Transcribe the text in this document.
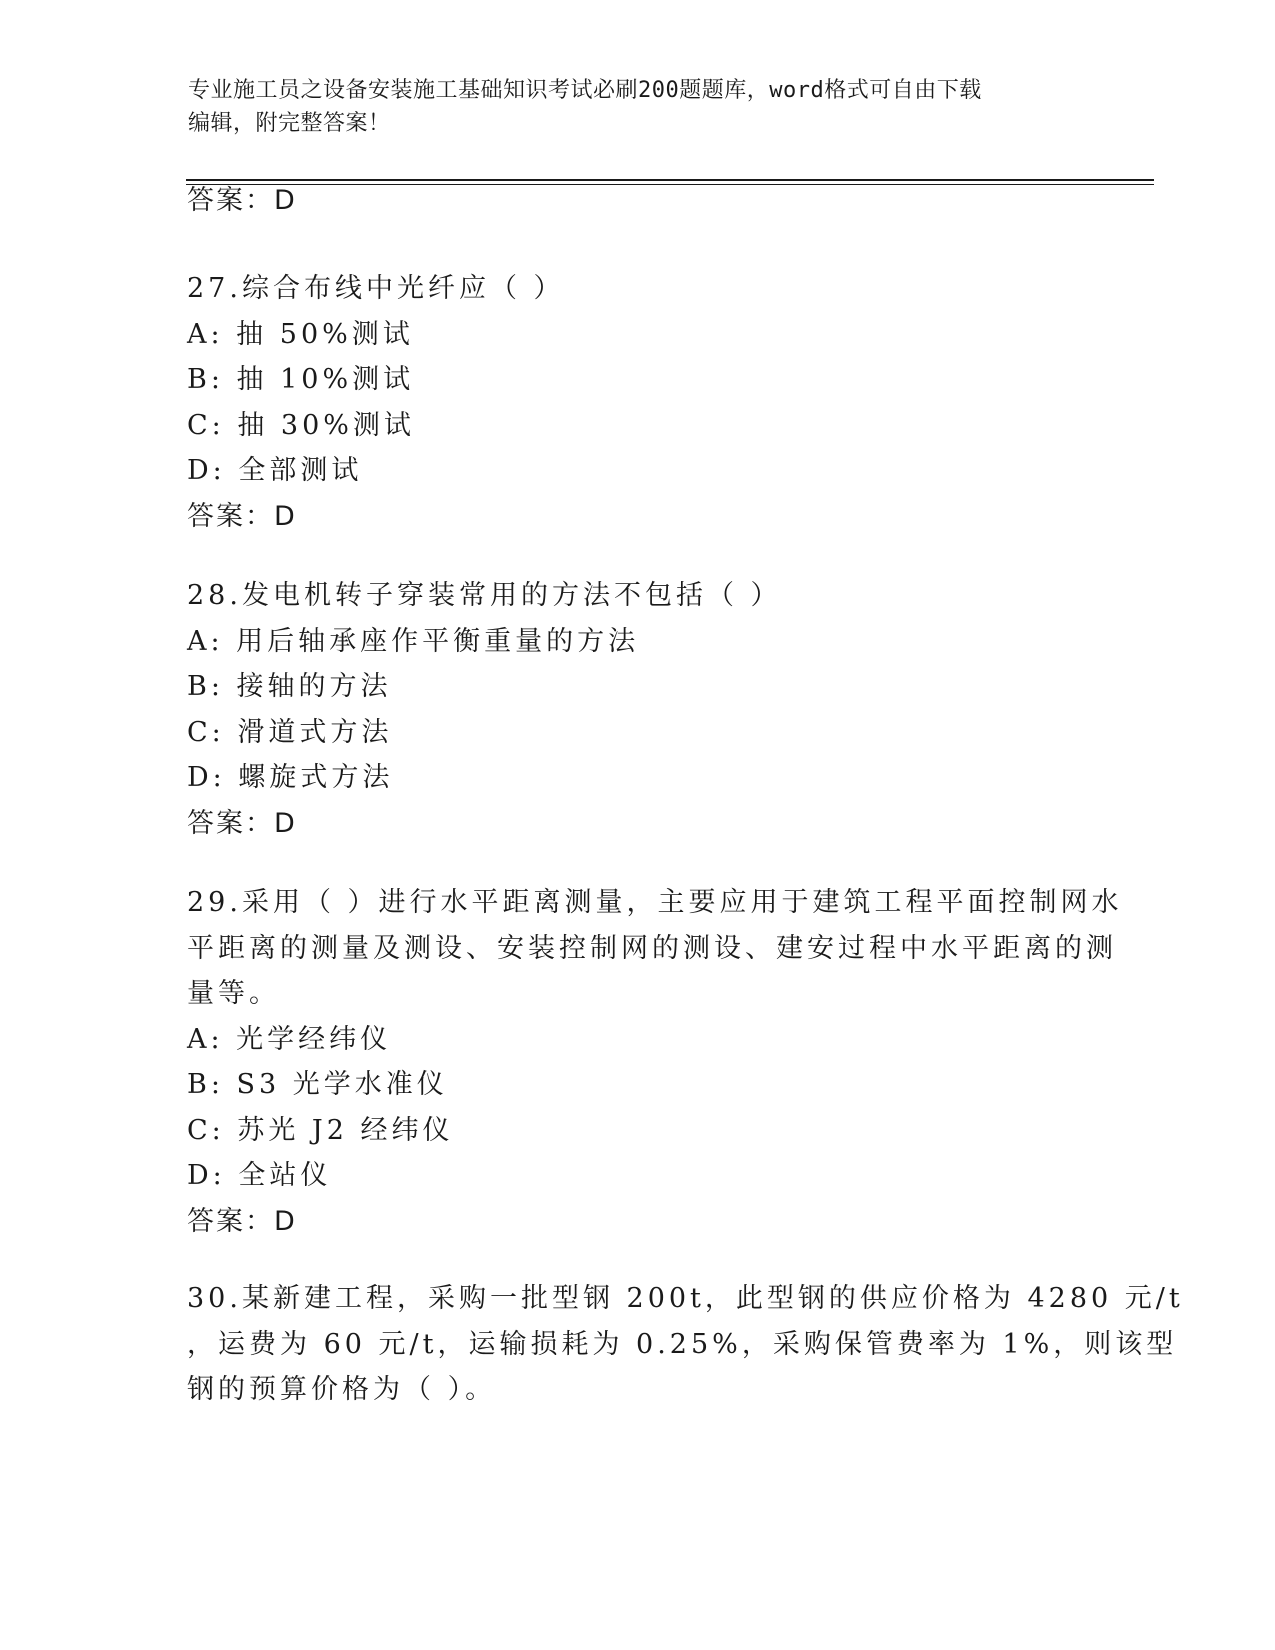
专业施工员之设备安装施工基础知识考试必刷200题题库，word格式可自由下载
编辑，附完整答案！

答案：D

27.综合布线中光纤应（ ）

A: 抽 50%测试

B: 抽 10%测试

C: 抽 30%测试

D: 全部测试

答案：D

28.发电机转子穿装常用的方法不包括（ ）

A: 用后轴承座作平衡重量的方法

B: 接轴的方法

C: 滑道式方法

D: 螺旋式方法

答案：D

29.采用（ ）进行水平距离测量，主要应用于建筑工程平面控制网水

平距离的测量及测设、安装控制网的测设、建安过程中水平距离的测

量等。

A: 光学经纬仪

B: S3 光学水准仪

C: 苏光 J2 经纬仪

D: 全站仪

答案：D

30.某新建工程，采购一批型钢 200t，此型钢的供应价格为 4280 元/t

，运费为 60 元/t，运输损耗为 0.25%，采购保管费率为 1%，则该型

钢的预算价格为（ ）。
